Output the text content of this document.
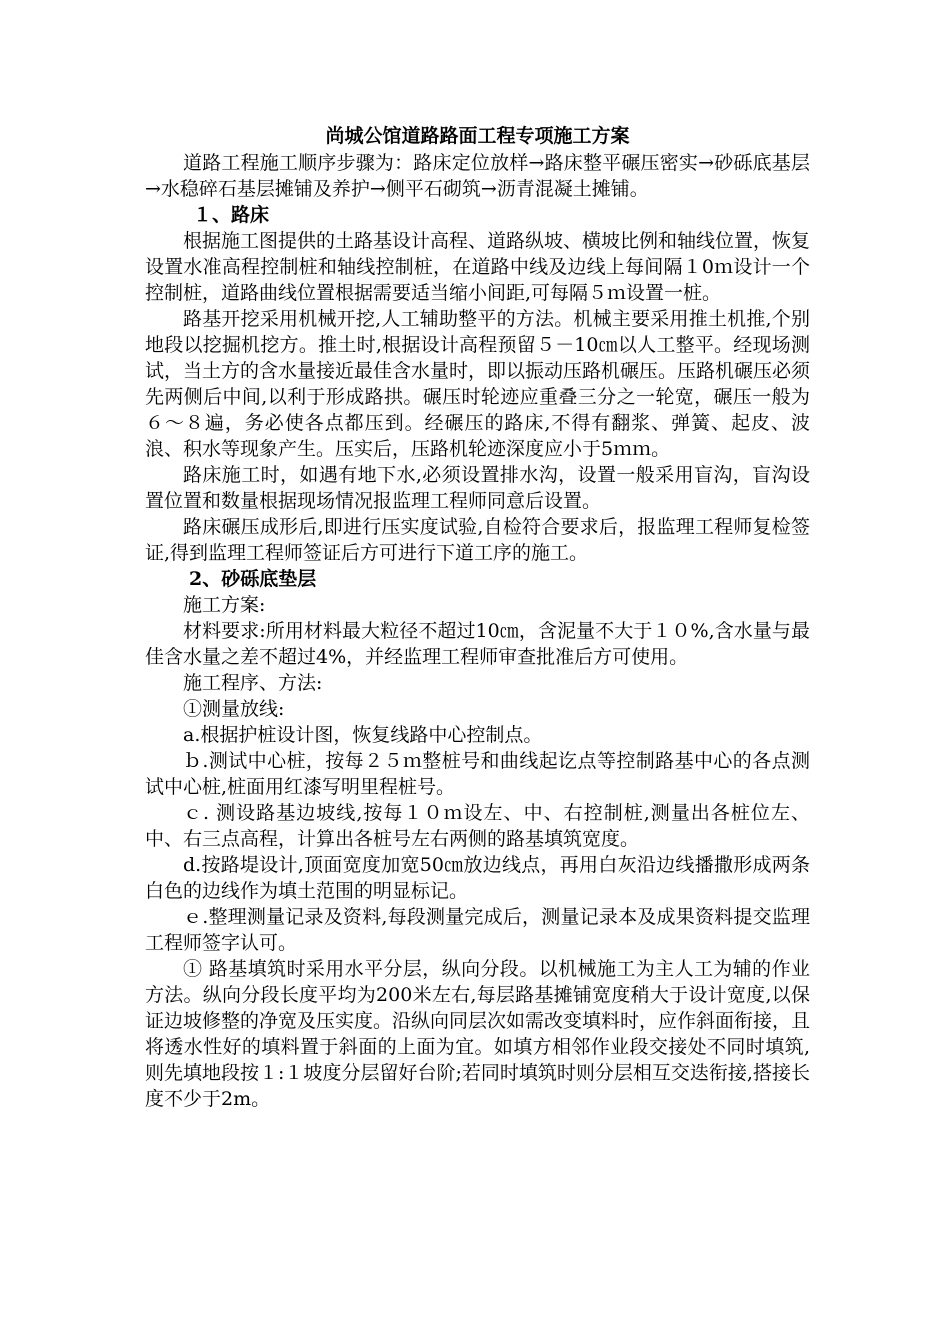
尚城公馆道路路面工程专项施工方案

道路工程施工顺序步骤为：路床定位放样→路床整平碾压密实→砂砾底基层→水稳碎石基层摊铺及养护→侧平石砌筑→沥青混凝土摊铺。

１、路床

根据施工图提供的土路基设计高程、道路纵坡、横坡比例和轴线位置，恢复设置水准高程控制桩和轴线控制桩，在道路中线及边线上每间隔１0ｍ设计一个控制桩，道路曲线位置根据需要适当缩小间距,可每隔５ｍ设置一桩。

路基开挖采用机械开挖,人工辅助整平的方法。机械主要采用推土机推,个别地段以挖掘机挖方。推土时,根据设计高程预留５－10㎝以人工整平。经现场测试，当土方的含水量接近最佳含水量时，即以振动压路机碾压。压路机碾压必须先两侧后中间,以利于形成路拱。碾压时轮迹应重叠三分之一轮宽，碾压一般为６～８遍，务必使各点都压到。经碾压的路床,不得有翻浆、弹簧、起皮、波浪、积水等现象产生。压实后，压路机轮迹深度应小于5ｍｍ。

路床施工时，如遇有地下水,必须设置排水沟，设置一般采用盲沟，盲沟设置位置和数量根据现场情况报监理工程师同意后设置。

路床碾压成形后,即进行压实度试验,自检符合要求后，报监理工程师复检签证,得到监理工程师签证后方可进行下道工序的施工。

2、砂砾底垫层

施工方案:

材料要求:所用材料最大粒径不超过10㎝，含泥量不大于１０%,含水量与最佳含水量之差不超过4%，并经监理工程师审查批准后方可使用。

施工程序、方法:

①测量放线:

a.根据护桩设计图，恢复线路中心控制点。

ｂ.测试中心桩，按每２５ｍ整桩号和曲线起讫点等控制路基中心的各点测试中心桩,桩面用红漆写明里程桩号。

ｃ. 测设路基边坡线,按每１０ｍ设左、中、右控制桩,测量出各桩位左、中、右三点高程，计算出各桩号左右两侧的路基填筑宽度。

d.按路堤设计,顶面宽度加宽50㎝放边线点，再用白灰沿边线播撒形成两条白色的边线作为填土范围的明显标记。

ｅ.整理测量记录及资料,每段测量完成后，测量记录本及成果资料提交监理工程师签字认可。

① 路基填筑时采用水平分层，纵向分段。以机械施工为主人工为辅的作业方法。纵向分段长度平均为200米左右,每层路基摊铺宽度稍大于设计宽度,以保证边坡修整的净宽及压实度。沿纵向同层次如需改变填料时，应作斜面衔接，且将透水性好的填料置于斜面的上面为宜。如填方相邻作业段交接处不同时填筑,则先填地段按１:１坡度分层留好台阶;若同时填筑时则分层相互交迭衔接,搭接长度不少于2m。
